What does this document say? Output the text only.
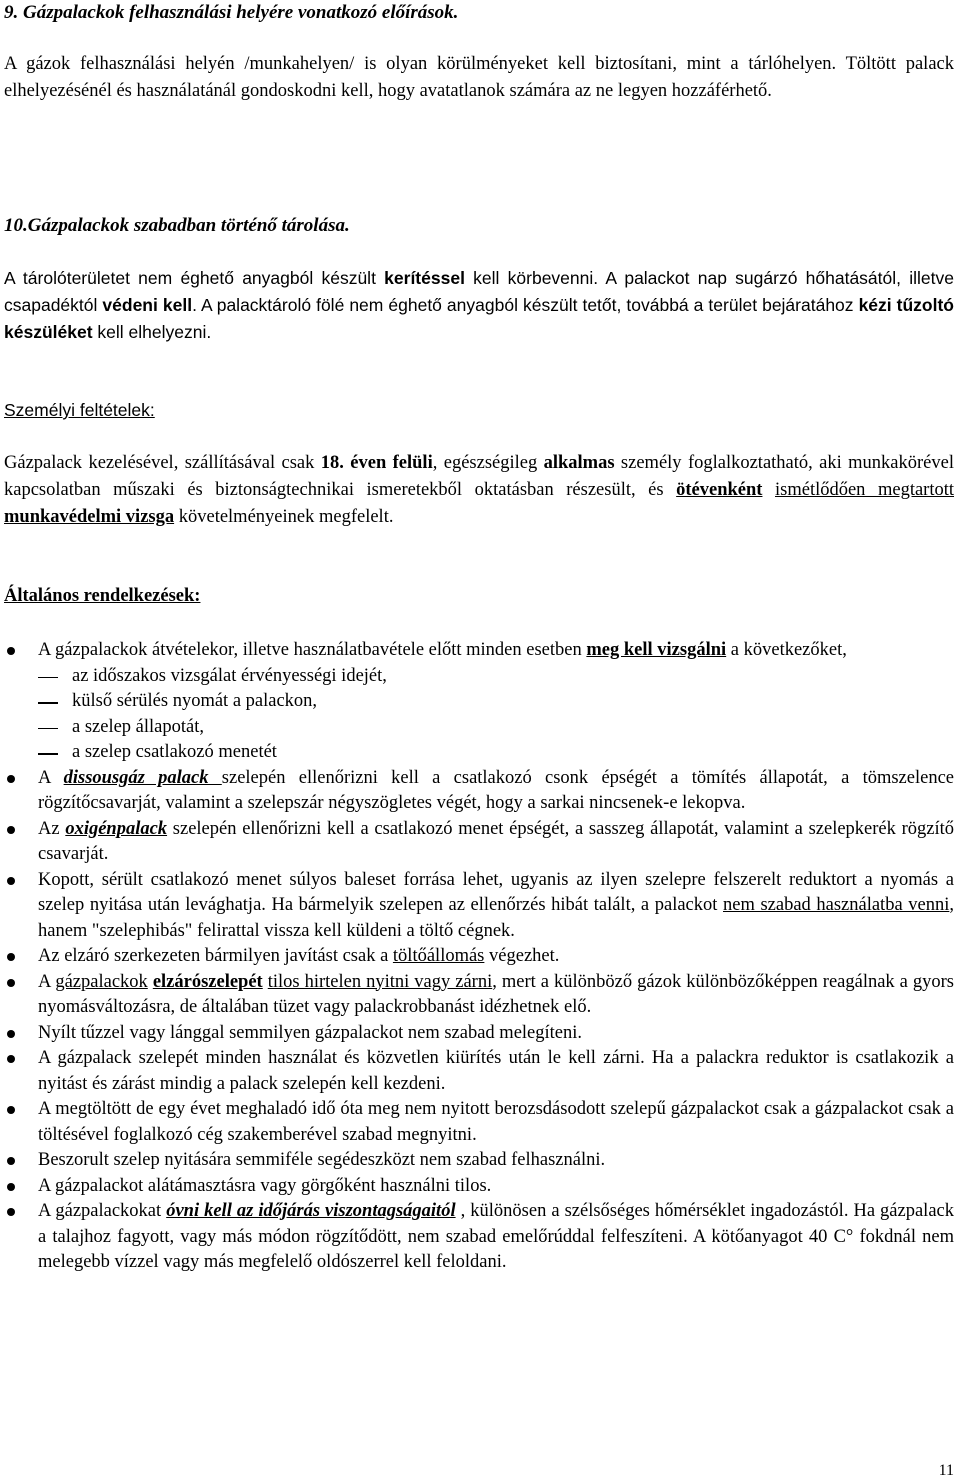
9. Gázpalackok felhasználási helyére vonatkozó előírások.

A gázok felhasználási helyén /munkahelyen/ is olyan körülményeket kell biztosítani, mint a tárlóhelyen. Töltött palack elhelyezésénél és használatánál gondoskodni kell, hogy avatatlanok számára az ne legyen hozzáférhető.

10.Gázpalackok szabadban történő tárolása.

A tárolóterületet nem éghető anyagból készült kerítéssel kell körbevenni. A palackot nap sugárzó hőhatásától, illetve csapadéktól védeni kell. A palacktároló fölé nem éghető anyagból készült tetőt, továbbá a terület bejáratához kézi tűzoltó készüléket kell elhelyezni.

Személyi feltételek:

Gázpalack kezelésével, szállításával csak 18. éven felüli, egészségileg alkalmas személy foglalkoztatható, aki munkakörével kapcsolatban műszaki és biztonságtechnikai ismeretekből oktatásban részesült, és ötévenként ismétlődően megtartott munkavédelmi vizsga követelményeinek megfelelt.

Általános rendelkezések:

A gázpalackok átvételekor, illetve használatbavétele előtt minden esetben meg kell vizsgálni a következőket,
az időszakos vizsgálat érvényességi idejét,
külső sérülés nyomát a palackon,
a szelep állapotát,
a szelep csatlakozó menetét
A dissousgáz palack szelepén ellenőrizni kell a csatlakozó csonk épségét a tömítés állapotát, a tömszelence rögzítőcsavarját, valamint a szelepszár négyszögletes végét, hogy a sarkai nincsenek-e lekopva.
Az oxigénpalack szelepén ellenőrizni kell a csatlakozó menet épségét, a sasszeg állapotát, valamint a szelepkerék rögzítő csavarját.
Kopott, sérült csatlakozó menet súlyos baleset forrása lehet, ugyanis az ilyen szelepre felszerelt reduktort a nyomás a szelep nyitása után levághatja. Ha bármelyik szelepen az ellenőrzés hibát talált, a palackot nem szabad használatba venni, hanem "szelephibás" felirattal vissza kell küldeni a töltő cégnek.
Az elzáró szerkezeten bármilyen javítást csak a töltőállomás végezhet.
A gázpalackok elzárószelepét tilos hirtelen nyitni vagy zárni, mert a különböző gázok különbözőképpen reagálnak a gyors nyomásváltozásra, de általában tüzet vagy palackrobbanást idézhetnek elő.
Nyílt tűzzel vagy lánggal semmilyen gázpalackot nem szabad melegíteni.
A gázpalack szelepét minden használat és közvetlen kiürítés után le kell zárni. Ha a palackra reduktor is csatlakozik a nyitást és zárást mindig a palack szelepén kell kezdeni.
A megtöltött de egy évet meghaladó idő óta meg nem nyitott berozsdásodott szelepű gázpalackot csak a gázpalackot csak a töltésével foglalkozó cég szakemberével szabad megnyitni.
Beszorult szelep nyitására semmiféle segédeszközt nem szabad felhasználni.
A gázpalackot alátámasztásra vagy görgőként használni tilos.
A gázpalackokat óvni kell az időjárás viszontagságaitól , különösen a szélsőséges hőmérséklet ingadozástól. Ha gázpalack a talajhoz fagyott, vagy más módon rögzítődött, nem szabad emelőrúddal felfeszíteni. A kötőanyagot 40 C° fokdnál nem melegebb vízzel vagy más megfelelő oldószerrel kell feloldani.
11
